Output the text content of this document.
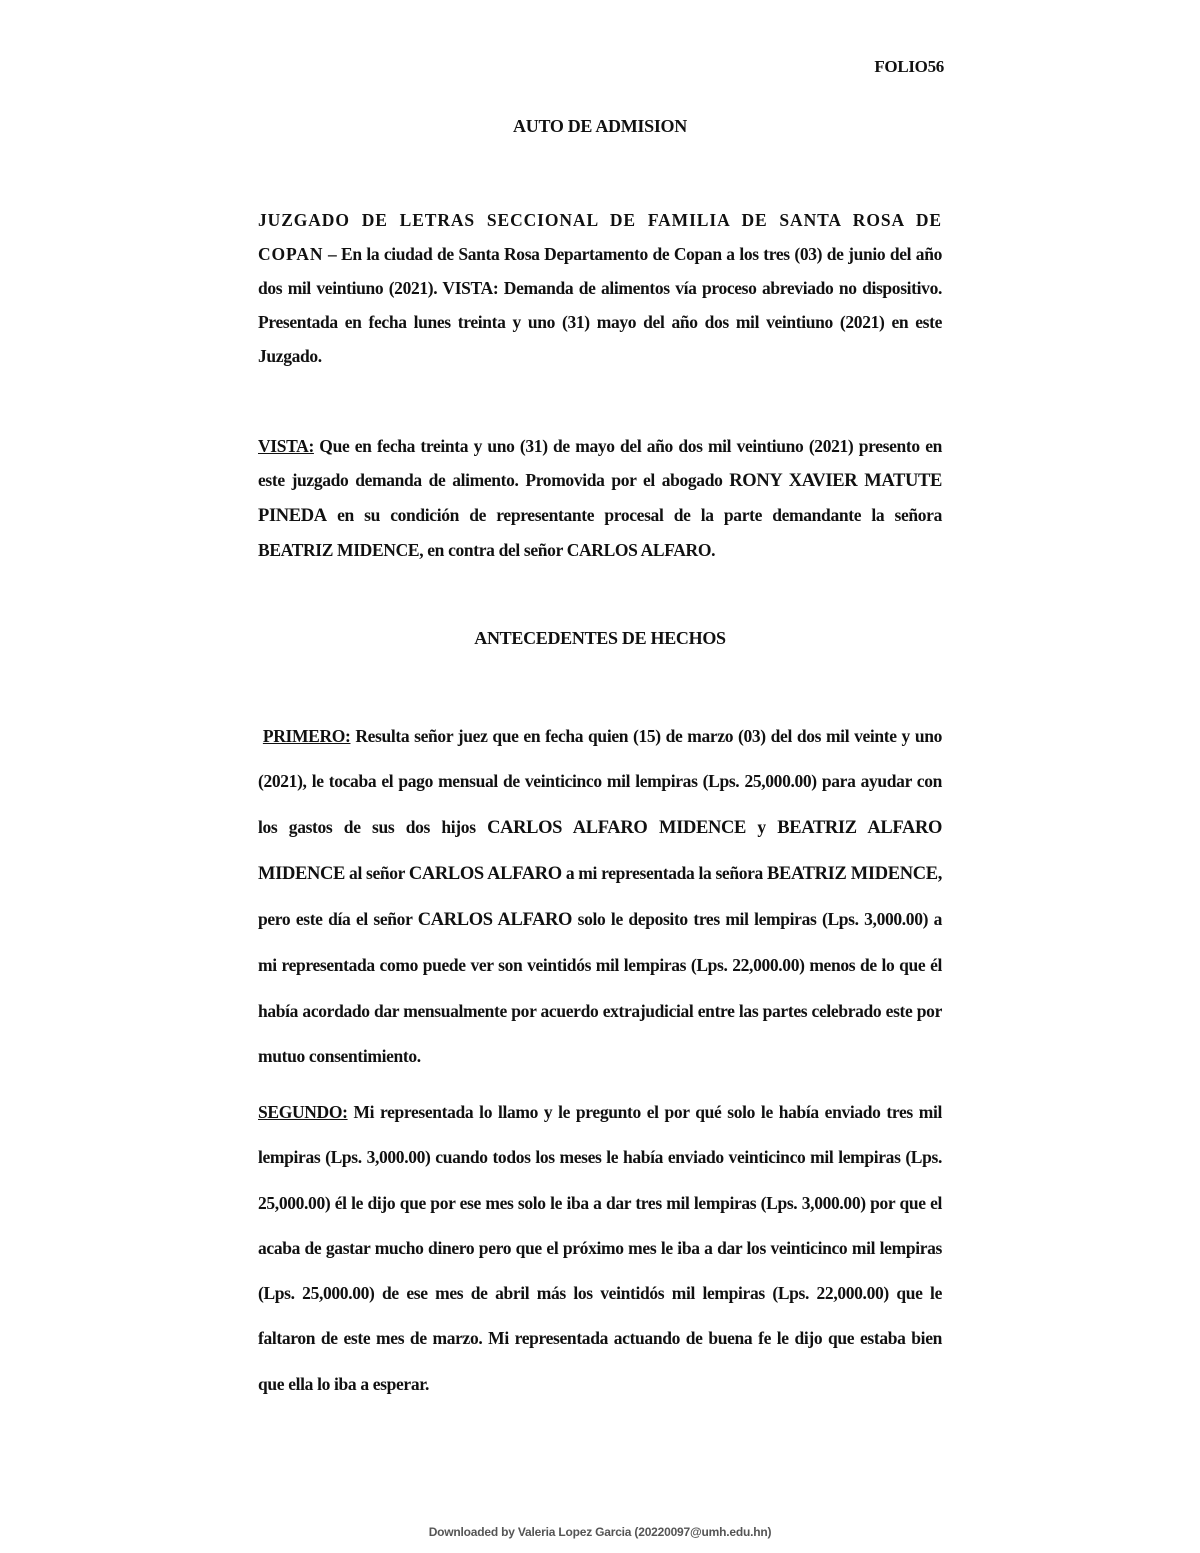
FOLIO56
AUTO DE ADMISION
JUZGADO DE LETRAS SECCIONAL DE FAMILIA DE SANTA ROSA DE COPAN – En la ciudad de Santa Rosa Departamento de Copan a los tres (03) de junio del año dos mil veintiuno (2021). VISTA: Demanda de alimentos vía proceso abreviado no dispositivo. Presentada en fecha lunes treinta y uno (31) mayo del año dos mil veintiuno (2021) en este Juzgado.
VISTA: Que en fecha treinta y uno (31) de mayo del año dos mil veintiuno (2021) presento en este juzgado demanda de alimento. Promovida por el abogado RONY XAVIER MATUTE PINEDA en su condición de representante procesal de la parte demandante la señora BEATRIZ MIDENCE, en contra del señor CARLOS ALFARO.
ANTECEDENTES DE HECHOS
PRIMERO: Resulta señor juez que en fecha quien (15) de marzo (03) del dos mil veinte y uno (2021), le tocaba el pago mensual de veinticinco mil lempiras (Lps. 25,000.00) para ayudar con los gastos de sus dos hijos CARLOS ALFARO MIDENCE y BEATRIZ ALFARO MIDENCE al señor CARLOS ALFARO a mi representada la señora BEATRIZ MIDENCE, pero este día el señor CARLOS ALFARO solo le deposito tres mil lempiras (Lps. 3,000.00) a mi representada como puede ver son veintidós mil lempiras (Lps. 22,000.00) menos de lo que él había acordado dar mensualmente por acuerdo extrajudicial entre las partes celebrado este por mutuo consentimiento.
SEGUNDO: Mi representada lo llamo y le pregunto el por qué solo le había enviado tres mil lempiras (Lps. 3,000.00) cuando todos los meses le había enviado veinticinco mil lempiras (Lps. 25,000.00) él le dijo que por ese mes solo le iba a dar tres mil lempiras (Lps. 3,000.00) por que el acaba de gastar mucho dinero pero que el próximo mes le iba a dar los veinticinco mil lempiras (Lps. 25,000.00) de ese mes de abril más los veintidós mil lempiras (Lps. 22,000.00) que le faltaron de este mes de marzo. Mi representada actuando de buena fe le dijo que estaba bien que ella lo iba a esperar.
Downloaded by Valeria Lopez Garcia (20220097@umh.edu.hn)
